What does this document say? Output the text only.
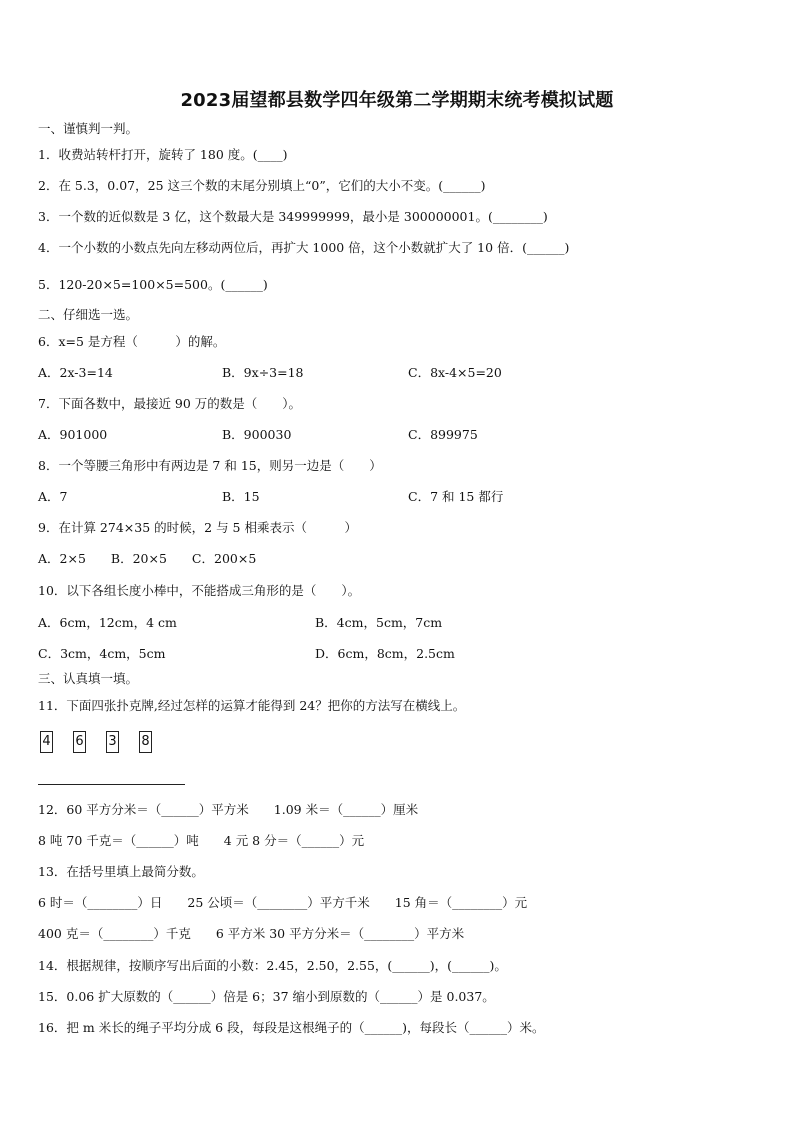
2023届望都县数学四年级第二学期期末统考模拟试题
一、谨慎判一判。
1．收费站转杆打开，旋转了 180 度。(____)
2．在 5.3，0.07，25 这三个数的末尾分别填上“0”，它们的大小不变。(______)
3．一个数的近似数是 3 亿，这个数最大是 349999999，最小是 300000001。(________)
4．一个小数的小数点先向左移动两位后，再扩大 1000 倍，这个小数就扩大了 10 倍．(______)
5．120-20×5=100×5=500。(______)
二、仔细选一选。
6．x=5 是方程（　　　）的解。
A．2x-3=14	B．9x÷3=18	C．8x-4×5=20
7．下面各数中，最接近 90 万的数是（　　）。
A．901000	B．900030	C．899975
8．一个等腰三角形中有两边是 7 和 15，则另一边是（　　）
A．7	B．15	C．7 和 15 都行
9．在计算 274×35 的时候，2 与 5 相乘表示（　　　）
A．2×5　　B．20×5　　C．200×5
10．以下各组长度小棒中，不能搭成三角形的是（　　）。
A．6cm，12cm，4 cm	B．4cm，5cm，7cm
C．3cm，4cm，5cm	D．6cm，8cm，2.5cm
三、认真填一填。
11．下面四张扑克牌,经过怎样的运算才能得到 24？把你的方法写在横线上。
4 6 3 8
12．60 平方分米＝（______）平方米　　1.09 米＝（______）厘米
8 吨 70 千克＝（______）吨　　4 元 8 分＝（______）元
13．在括号里填上最简分数。
6 时＝（________）日　　25 公顷＝（________）平方千米　　15 角＝（________）元
400 克＝（________）千克　　6 平方米 30 平方分米＝（________）平方米
14．根据规律，按顺序写出后面的小数：2.45，2.50，2.55，(______)，(______)。
15．0.06 扩大原数的（______）倍是 6；37 缩小到原数的（______）是 0.037。
16．把 m 米长的绳子平均分成 6 段，每段是这根绳子的（______)，每段长（______）米。
